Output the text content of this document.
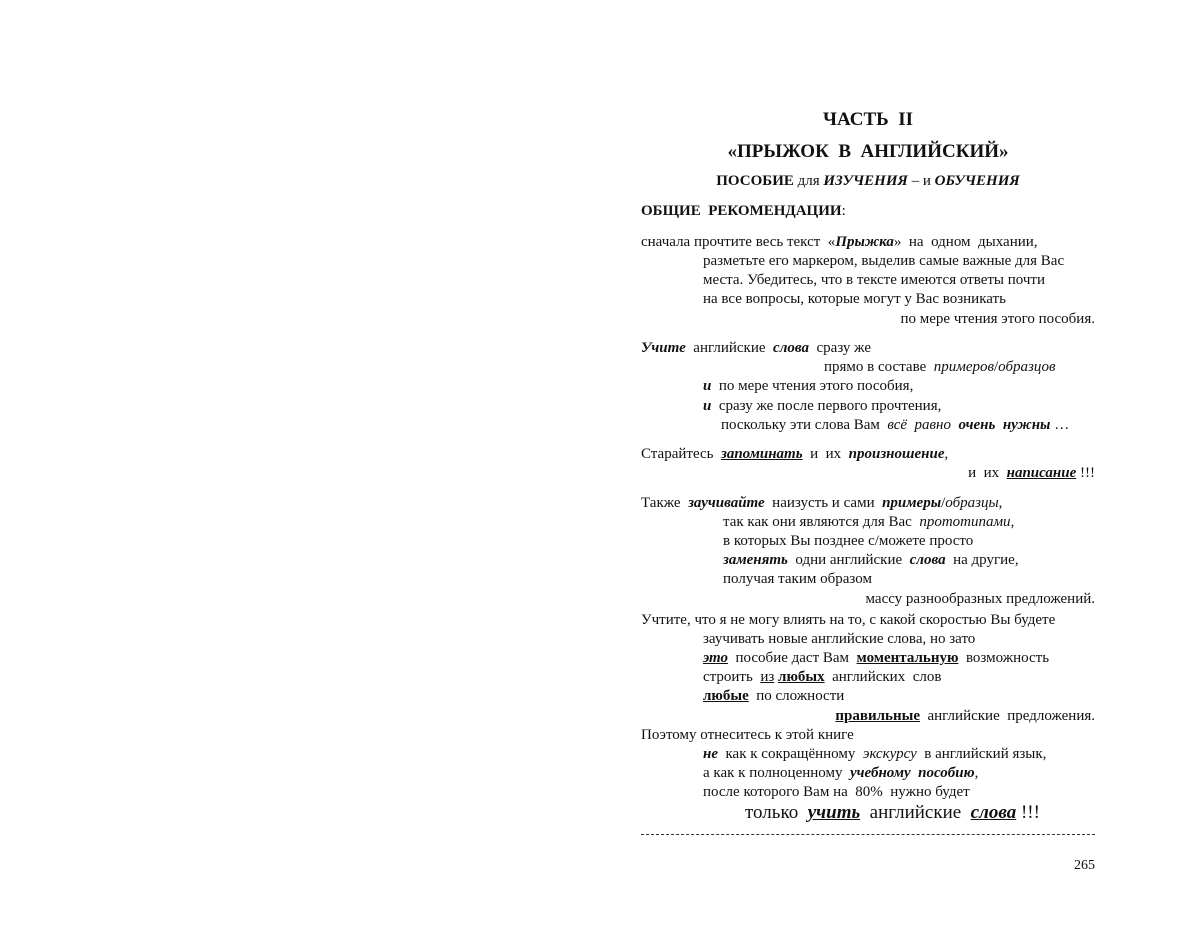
ЧАСТЬ  II
«ПРЫЖОК  В  АНГЛИЙСКИЙ»
ПОСОБИЕ для ИЗУЧЕНИЯ – и ОБУЧЕНИЯ
ОБЩИЕ  РЕКОМЕНДАЦИИ:
сначала прочтите весь текст  «Прыжка»  на  одном  дыхании,
разметьте его маркером, выделив самые важные для Вас
места. Убедитесь, что в тексте имеются ответы почти
на все вопросы, которые могут у Вас возникать
по мере чтения этого пособия.
Учите  английские  слова  сразу же
прямо в составе  примеров/образцов
и  по мере чтения этого пособия,
и  сразу же после первого прочтения,
поскольку эти слова Вам  всё  равно очень  нужны …
Старайтесь  запоминать  и  их  произношение,
и  их  написание !!!
Также  заучивайте  наизусть и сами  примеры/образцы,
так как они являются для Вас  прототипами,
в которых Вы позднее с/можете просто
заменять  одни английские  слова  на другие,
получая таким образом
массу разнообразных предложений.
Учтите, что я не могу влиять на то, с какой скоростью Вы будете
заучивать новые английские слова, но зато
это  пособие даст Вам  моментальную  возможность
строить  из любых  английских  слов
любые  по сложности
правильные  английские  предложения.
Поэтому отнеситесь к этой книге
не  как к сокращённому  экскурсу  в английский язык,
а как к полноценному  учебному  пособию,
после которого Вам на  80%  нужно будет
только  учить  английские  слова !!!
265
